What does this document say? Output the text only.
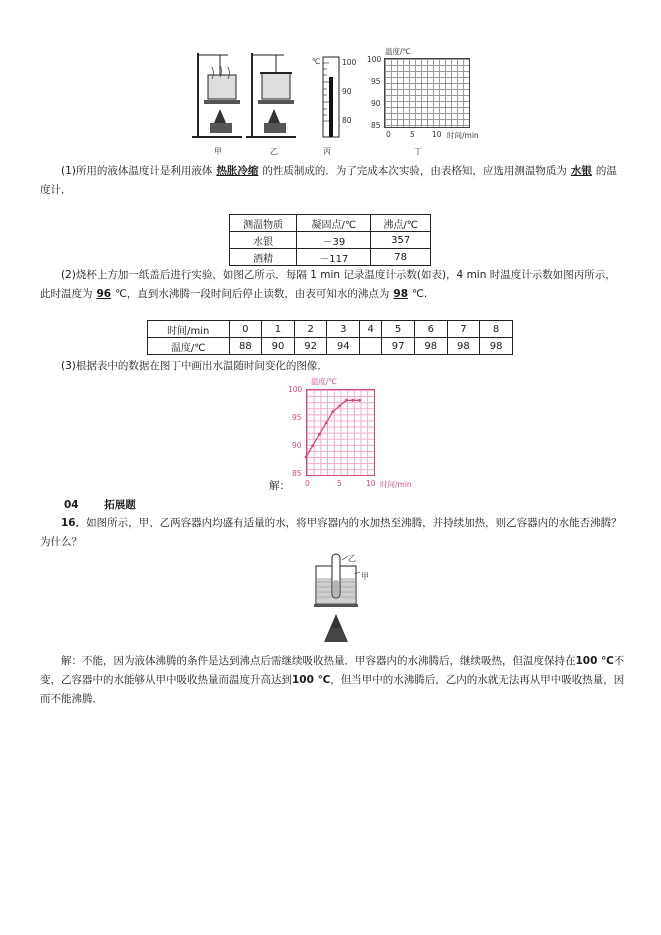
甲	乙
℃	100
90
80
丙
温度/℃
100
95
90
85
0	5 10 时间/min
丁
(1)所用的液体温度计是利用液体 热胀冷缩 的性质制成的．为了完成本次实验，由表格知，应选用测温物质为 水银 的温度计．
测温物质	凝固点/℃	沸点/℃
水银	－39	357
酒精	－117	78
(2)烧杯上方加一纸盖后进行实验，如图乙所示．每隔 1 min 记录温度计示数(如表)，4 min 时温度计示数如图丙所示，此时温度为 96 ℃，直到水沸腾一段时间后停止读数，由表可知水的沸点为 98 ℃.
时间/min	0	1	2	3	4	5	6	7	8
温度/℃	88	90	92	94		97	98	98	98
(3)根据表中的数据在图丁中画出水温随时间变化的图像．
解：
温度/℃
100
95
90
85
0	5	10 时间/min
04 拓展题
16．如图所示，甲、乙两容器内均盛有适量的水，将甲容器内的水加热至沸腾，并持续加热，则乙容器内的水能否沸腾？为什么？
乙
甲
解：不能，因为液体沸腾的条件是达到沸点后需继续吸收热量．甲容器内的水沸腾后，继续吸热，但温度保持在100 ℃不变，乙容器中的水能够从甲中吸收热量而温度升高达到100 ℃，但当甲中的水沸腾后，乙内的水就无法再从甲中吸收热量，因而不能沸腾．
